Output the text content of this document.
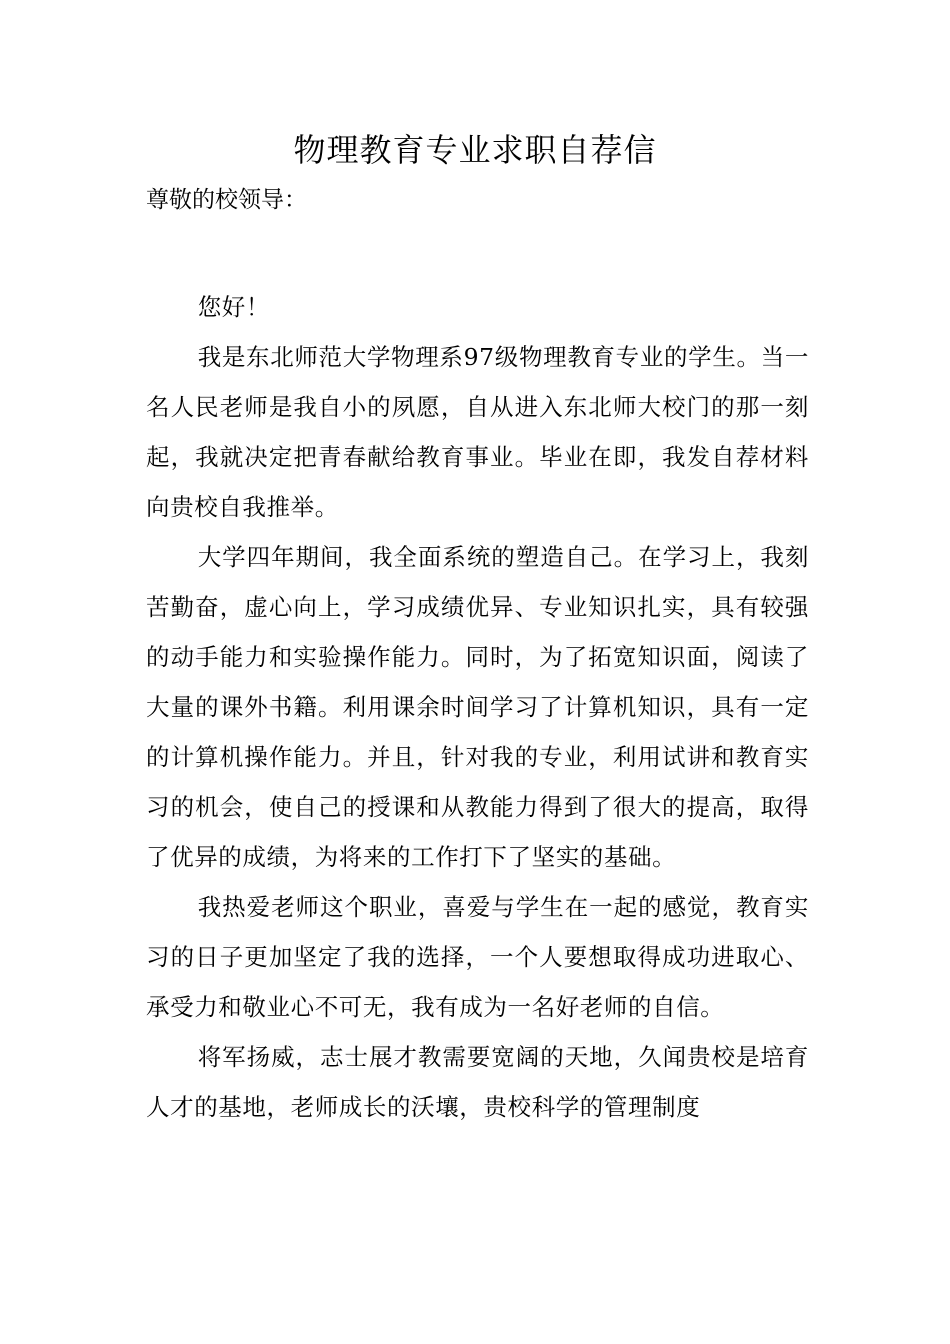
物理教育专业求职自荐信
尊敬的校领导：

您好！

我是东北师范大学物理系97级物理教育专业的学生。当一名人民老师是我自小的夙愿，自从进入东北师大校门的那一刻起，我就决定把青春献给教育事业。毕业在即，我发自荐材料向贵校自我推举。

大学四年期间，我全面系统的塑造自己。在学习上，我刻苦勤奋，虚心向上，学习成绩优异、专业知识扎实，具有较强的动手能力和实验操作能力。同时，为了拓宽知识面，阅读了大量的课外书籍。利用课余时间学习了计算机知识，具有一定的计算机操作能力。并且，针对我的专业，利用试讲和教育实习的机会，使自己的授课和从教能力得到了很大的提高，取得了优异的成绩，为将来的工作打下了坚实的基础。

我热爱老师这个职业，喜爱与学生在一起的感觉，教育实习的日子更加坚定了我的选择，一个人要想取得成功进取心、承受力和敬业心不可无，我有成为一名好老师的自信。

将军扬威，志士展才教需要宽阔的天地，久闻贵校是培育人才的基地，老师成长的沃壤，贵校科学的管理制度
